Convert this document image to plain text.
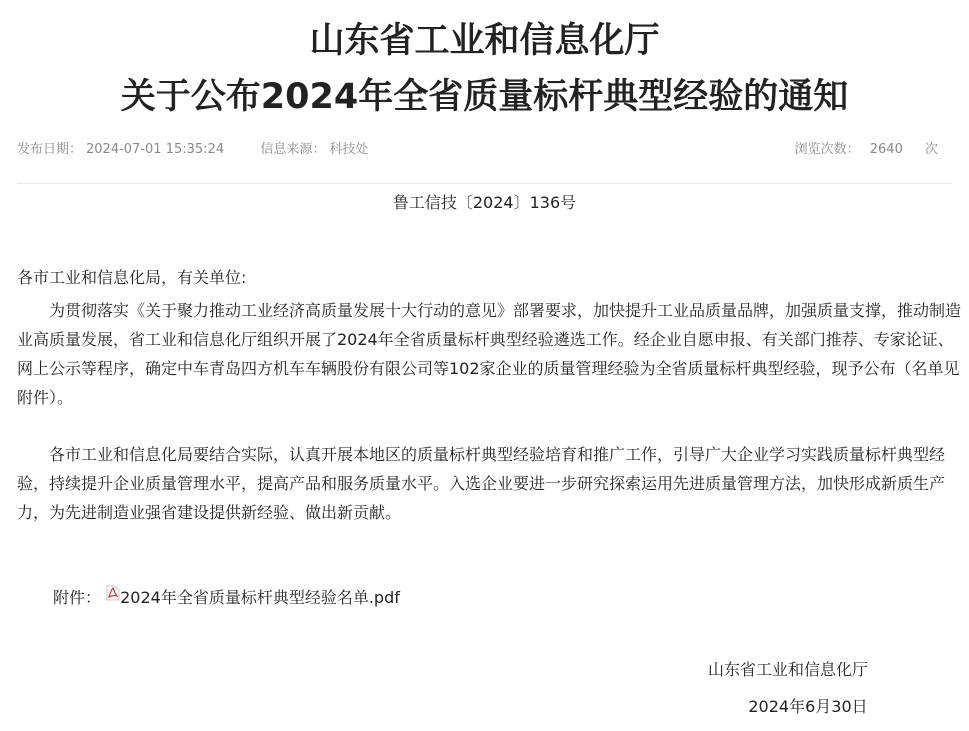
山东省工业和信息化厅
关于公布2024年全省质量标杆典型经验的通知
发布日期： 2024-07-01 15:35:24	信息来源： 科技处	浏览次数： 2640 次
鲁工信技〔2024〕136号
各市工业和信息化局，有关单位:
为贯彻落实《关于聚力推动工业经济高质量发展十大行动的意见》部署要求，加快提升工业品质量品牌，加强质量支撑，推动制造业高质量发展，省工业和信息化厅组织开展了2024年全省质量标杆典型经验遴选工作。经企业自愿申报、有关部门推荐、专家论证、网上公示等程序，确定中车青岛四方机车车辆股份有限公司等102家企业的质量管理经验为全省质量标杆典型经验，现予公布（名单见附件）。
各市工业和信息化局要结合实际，认真开展本地区的质量标杆典型经验培育和推广工作，引导广大企业学习实践质量标杆典型经验，持续提升企业质量管理水平，提高产品和服务质量水平。入选企业要进一步研究探索运用先进质量管理方法，加快形成新质生产力，为先进制造业强省建设提供新经验、做出新贡献。
附件： 2024年全省质量标杆典型经验名单.pdf
山东省工业和信息化厅
2024年6月30日
